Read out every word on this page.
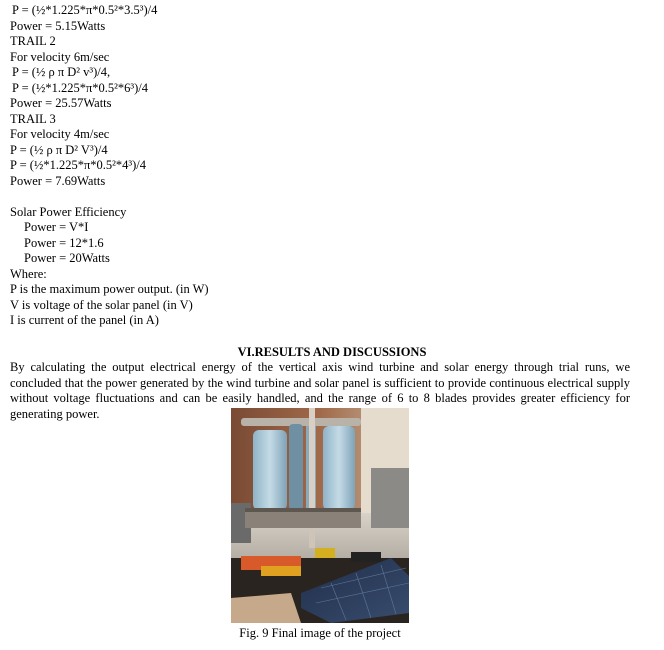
P = (½*1.225*π*0.5²*3.5³)/4
Power = 5.15Watts
TRAIL 2
For velocity 6m/sec
P = (½ ρ π D² v³)/4,
P = (½*1.225*π*0.5²*6³)/4
Power = 25.57Watts
TRAIL 3
For velocity 4m/sec
P = (½ ρ π D² V³)/4
P = (½*1.225*π*0.5²*4³)/4
Power = 7.69Watts
Solar Power Efficiency
Power = V*I
Power = 12*1.6
Power = 20Watts
Where:
P is the maximum power output. (in W)
V is voltage of the solar panel (in V)
I is current of the panel (in A)
VI.RESULTS AND DISCUSSIONS
By calculating the output electrical energy of the vertical axis wind turbine and solar energy through trial runs, we concluded that the power generated by the wind turbine and solar panel is sufficient to provide continuous electrical supply without voltage fluctuations and can be easily handled, and the range of 6 to 8 blades provides greater efficiency for generating power.
Fig. 9 Final image of the project
